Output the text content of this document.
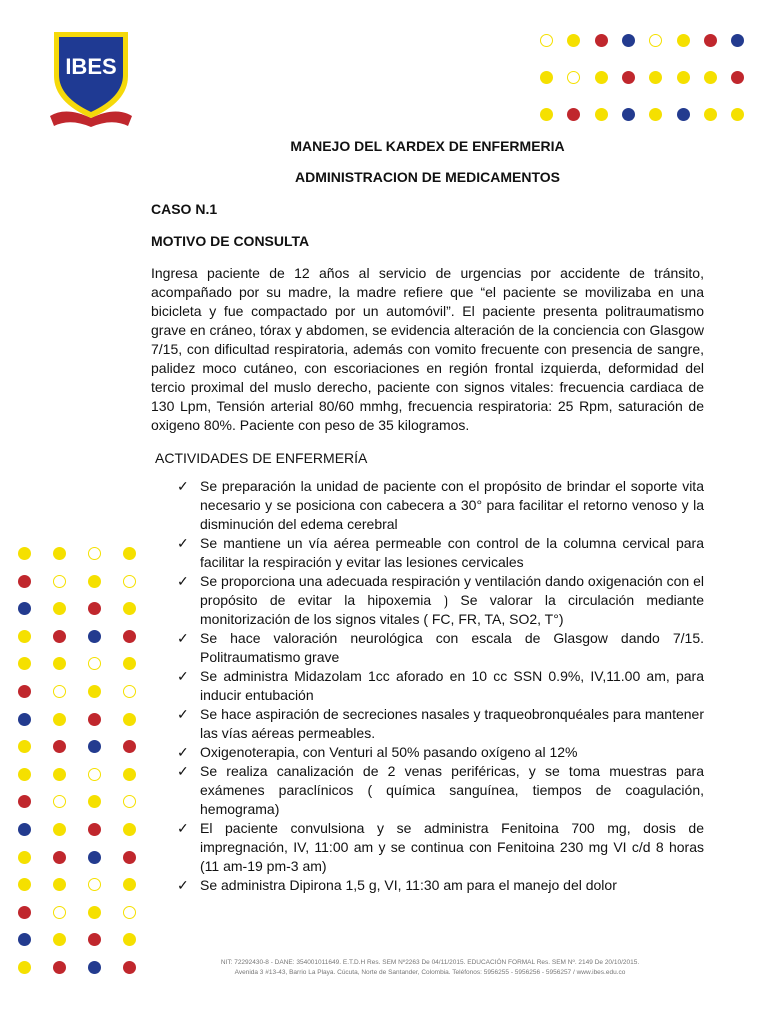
IBES

MANEJO DEL KARDEX DE ENFERMERIA

ADMINISTRACION DE MEDICAMENTOS

CASO N.1

MOTIVO DE CONSULTA

Ingresa paciente de 12 años al servicio de urgencias por accidente de tránsito, acompañado por su madre, la madre refiere que “el paciente se movilizaba en una bicicleta y fue compactado por un automóvil”. El paciente presenta politraumatismo grave en cráneo, tórax y abdomen, se evidencia alteración de la conciencia con Glasgow 7/15, con dificultad respiratoria, además con vomito frecuente con presencia de sangre, palidez moco cutáneo, con escoriaciones en región frontal izquierda, deformidad del tercio proximal del muslo derecho, paciente con signos vitales: frecuencia cardiaca de 130 Lpm, Tensión arterial 80/60 mmhg, frecuencia respiratoria: 25 Rpm, saturación de oxigeno 80%. Paciente con peso de 35 kilogramos.

ACTIVIDADES DE ENFERMERÍA

✓ Se preparación la unidad de paciente con el propósito de brindar el soporte vita necesario y se posiciona con cabecera a 30° para facilitar el retorno venoso y la disminución del edema cerebral
✓ Se mantiene un vía aérea permeable con control de la columna cervical para facilitar la respiración y evitar las lesiones cervicales
✓ Se proporciona una adecuada respiración y ventilación dando oxigenación con el propósito de evitar la hipoxemia ⟯ Se valorar la circulación mediante monitorización de los signos vitales ( FC, FR, TA, SO2, T°)
✓ Se hace valoración neurológica con escala de Glasgow dando 7/15. Politraumatismo grave
✓ Se administra Midazolam 1cc aforado en 10 cc SSN 0.9%, IV,11.00 am, para inducir entubación
✓ Se hace aspiración de secreciones nasales y traqueobronquéales para mantener las vías aéreas permeables.
✓ Oxigenoterapia, con Venturi al 50% pasando oxígeno al 12%
✓ Se realiza canalización de 2 venas periféricas, y se toma muestras para exámenes paraclínicos ( química sanguínea, tiempos de coagulación, hemograma)
✓ El paciente convulsiona y se administra Fenitoina 700 mg, dosis de impregnación, IV, 11:00 am y se continua con Fenitoina 230 mg VI c/d 8 horas (11 am-19 pm-3 am)
✓ Se administra Dipirona 1,5 g, VI, 11:30 am para el manejo del dolor
NIT: 72292430-8 - DANE: 354001011649. E.T.D.H Res. SEM Nº2263 De 04/11/2015. EDUCACIÓN FORMAL Res. SEM Nº. 2149 De 20/10/2015.
Avenida 3 #13-43, Barrio La Playa. Cúcuta, Norte de Santander, Colombia. Teléfonos: 5956255 - 5956256 - 5956257 / www.ibes.edu.co
